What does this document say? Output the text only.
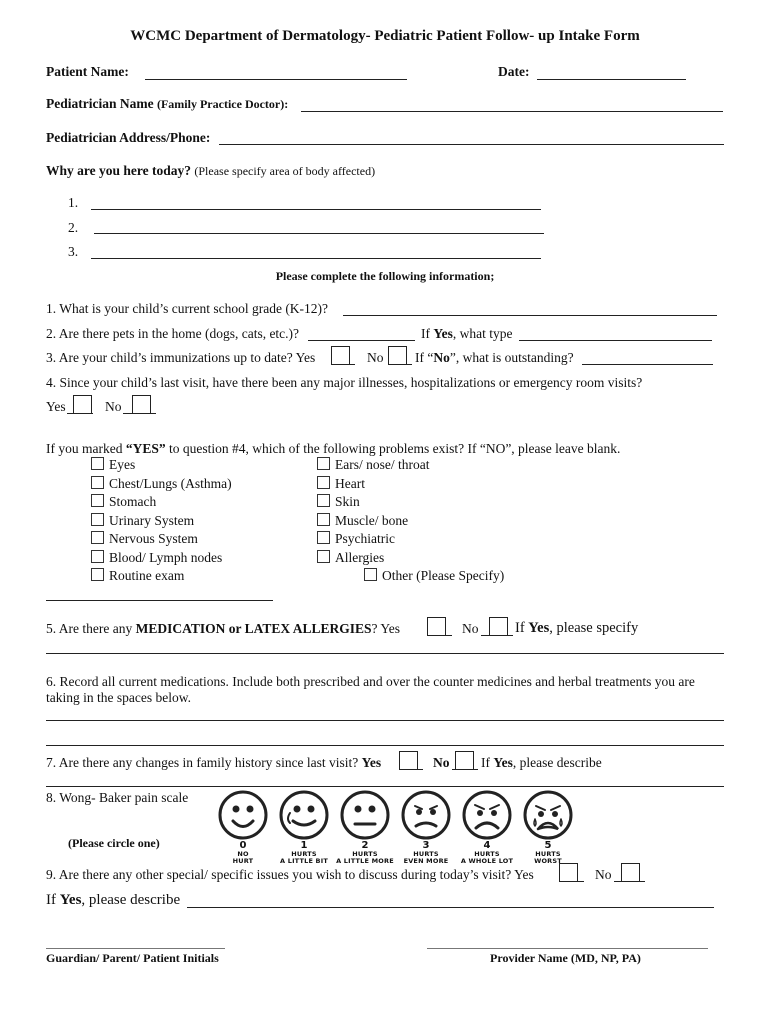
WCMC Department of Dermatology- Pediatric Patient Follow- up Intake Form
Patient Name:	Date:
Pediatrician Name (Family Practice Doctor):
Pediatrician Address/Phone:
Why are you here today? (Please specify area of body affected)
1.
2.
3.
Please complete the following information;
1. What is your child’s current school grade (K-12)?
2. Are there pets in the home (dogs, cats, etc.)?	If Yes, what type
3. Are your child’s immunizations up to date? Yes	No If “No”, what is outstanding?
4. Since your child’s last visit, have there been any major illnesses, hospitalizations or emergency room visits?
Yes	No
If you marked “YES” to question #4, which of the following problems exist? If “NO”, please leave blank.
Eyes
Chest/Lungs (Asthma)
Stomach
Urinary System
Nervous System
Blood/ Lymph nodes
Routine exam
Ears/ nose/ throat
Heart
Skin
Muscle/ bone
Psychiatric
Allergies
Other (Please Specify)
5. Are there any MEDICATION or LATEX ALLERGIES? Yes	No	If Yes, please specify
6. Record all current medications. Include both prescribed and over the counter medicines and herbal treatments you are
taking in the spaces below.
7. Are there any changes in family history since last visit? Yes	No If Yes, please describe
8. Wong- Baker pain scale
(Please circle one)	0
NO
HURT
1
HURTS
A LITTLE BIT
2
HURTS
A LITTLE MORE
3
HURTS
EVEN MORE
4
HURTS
A WHOLE LOT
5
HURTS
WORST
9. Are there any other special/ specific issues you wish to discuss during today’s visit? Yes	No
If Yes, please describe
Guardian/ Parent/ Patient Initials	Provider Name (MD, NP, PA)
